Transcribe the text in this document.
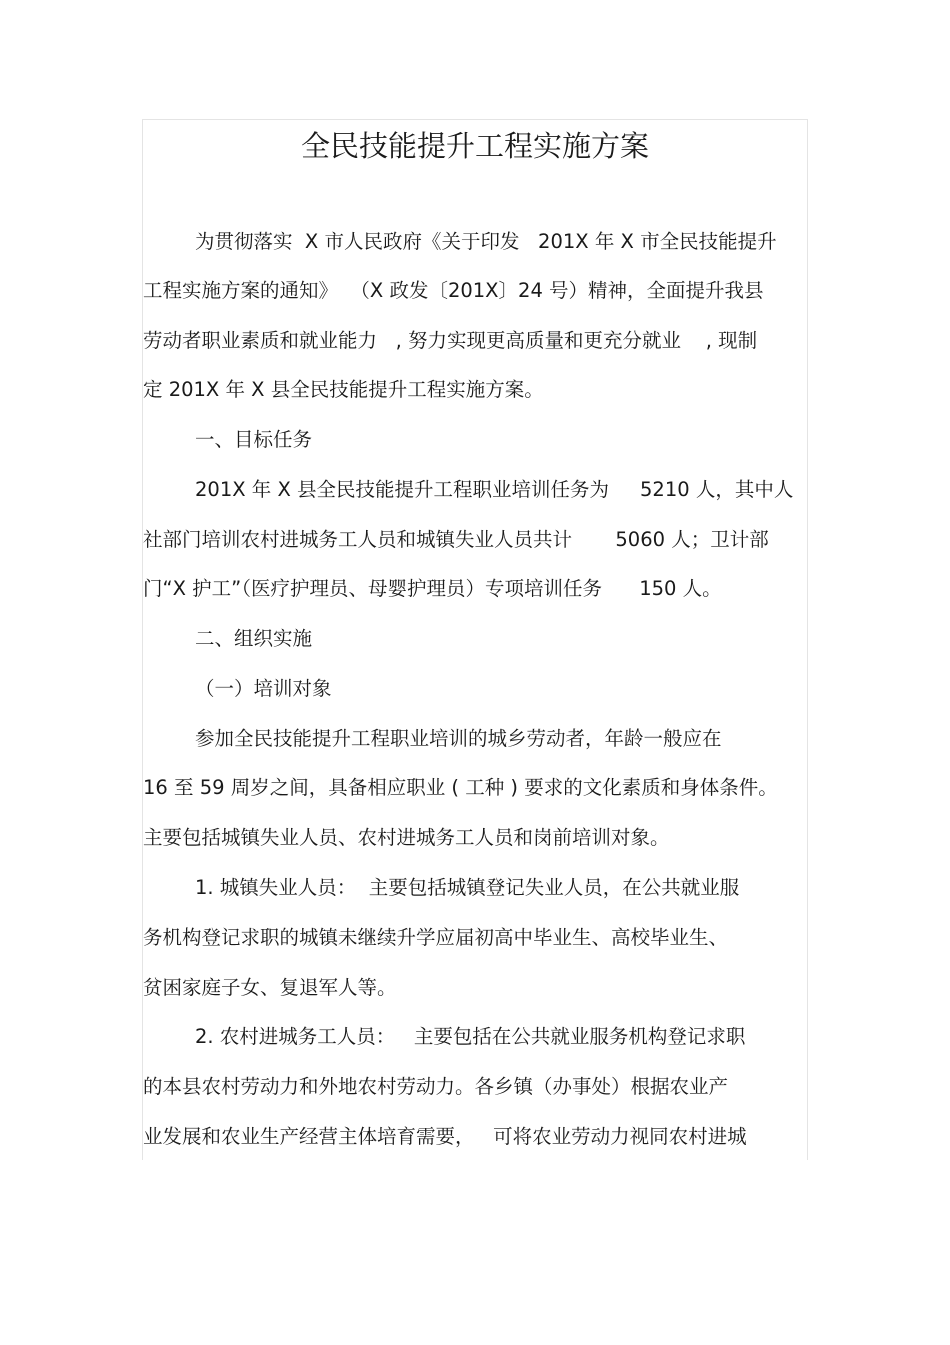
全民技能提升工程实施方案
为贯彻落实  X 市人民政府《关于印发   201X 年 X 市全民技能提升
工程实施方案的通知》  （X 政发〔201X〕24 号）精神，全面提升我县
劳动者职业素质和就业能力   , 努力实现更高质量和更充分就业    , 现制
定 201X 年 X 县全民技能提升工程实施方案。
一、目标任务
201X 年 X 县全民技能提升工程职业培训任务为     5210 人，其中人
社部门培训农村进城务工人员和城镇失业人员共计       5060 人；卫计部
门“X 护工”（医疗护理员、母婴护理员）专项培训任务      150 人。
二、组织实施
（一）培训对象
参加全民技能提升工程职业培训的城乡劳动者，年龄一般应在
16 至 59 周岁之间，具备相应职业 ( 工种 ) 要求的文化素质和身体条件。
主要包括城镇失业人员、农村进城务工人员和岗前培训对象。
1. 城镇失业人员：  主要包括城镇登记失业人员，在公共就业服
务机构登记求职的城镇未继续升学应届初高中毕业生、高校毕业生、
贫困家庭子女、复退军人等。
2. 农村进城务工人员：   主要包括在公共就业服务机构登记求职
的本县农村劳动力和外地农村劳动力。各乡镇（办事处）根据农业产
业发展和农业生产经营主体培育需要，   可将农业劳动力视同农村进城
